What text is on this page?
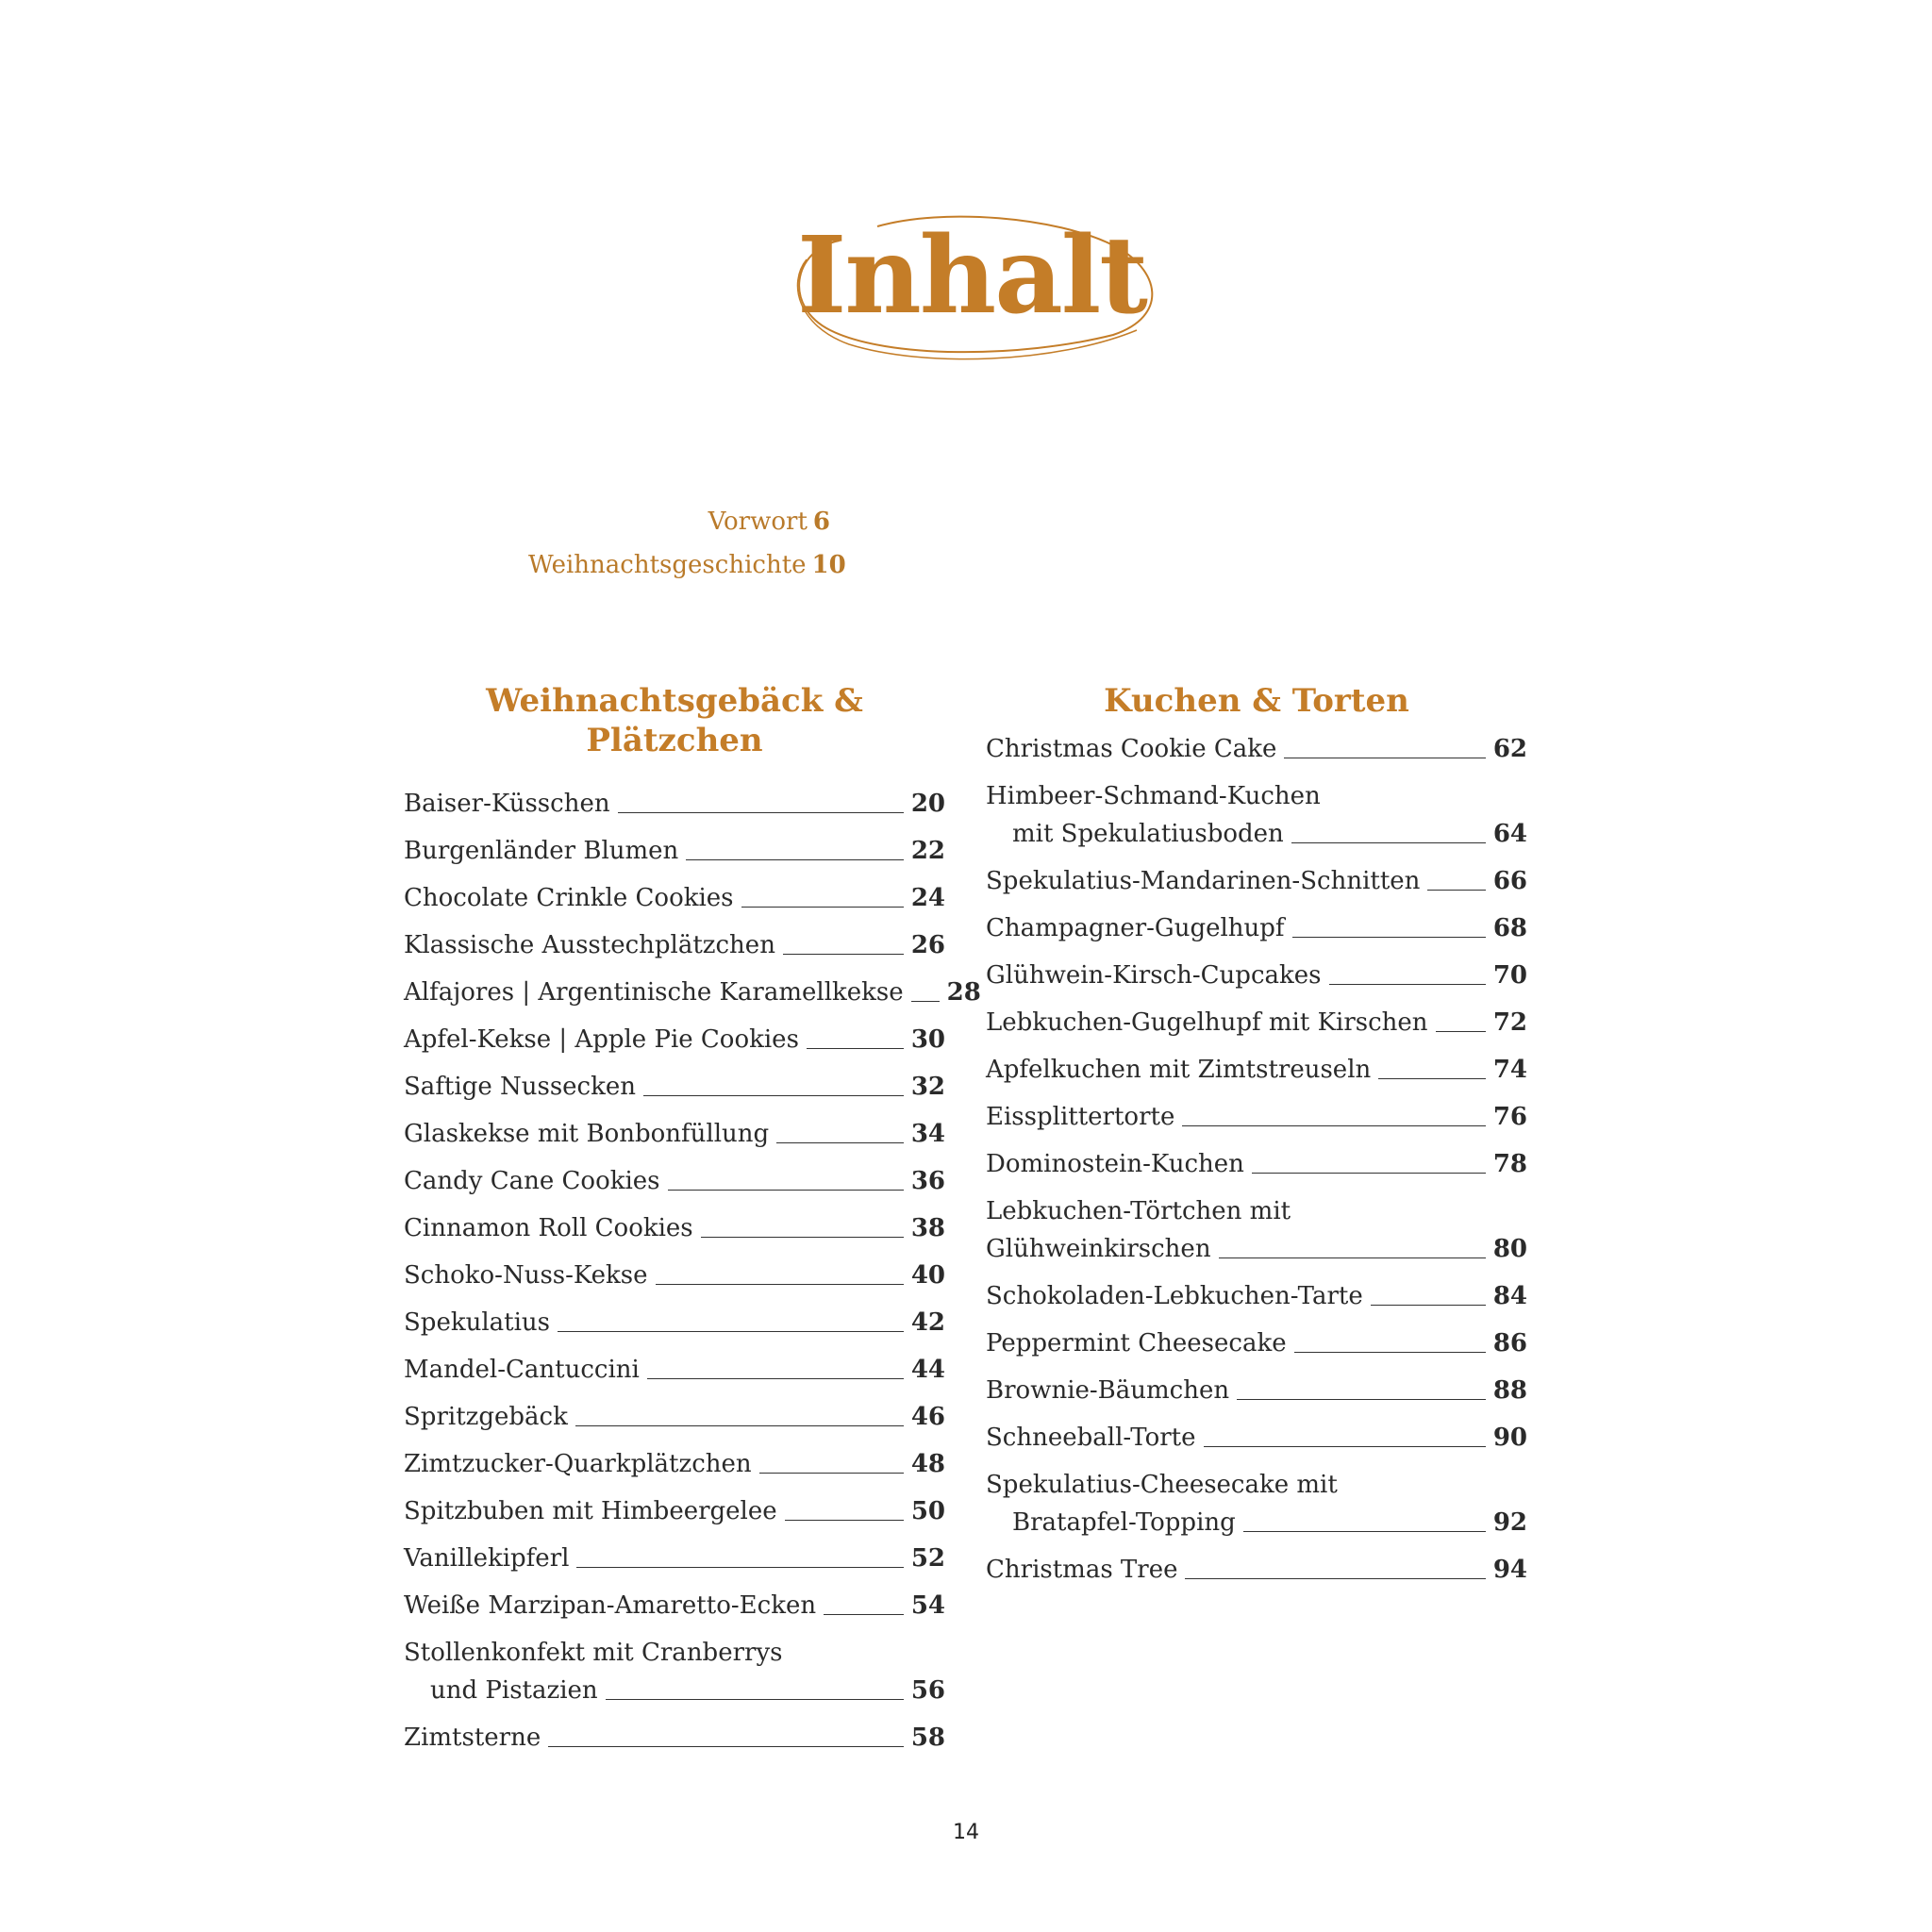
Inhalt
Vorwort 6
Weihnachtsgeschichte 10
Weihnachtsgebäck &
Plätzchen
Baiser-Küsschen	20
Burgenländer Blumen	22
Chocolate Crinkle Cookies	24
Klassische Ausstechplätzchen	26
Alfajores | Argentinische Karamellkekse 28
Apfel-Kekse | Apple Pie Cookies	30
Saftige Nussecken	32
Glaskekse mit Bonbonfüllung	34
Candy Cane Cookies	36
Cinnamon Roll Cookies	38
Schoko-Nuss-Kekse	40
Spekulatius	42
Mandel-Cantuccini	44
Spritzgebäck	46
Zimtzucker-Quarkplätzchen	48
Spitzbuben mit Himbeergelee	50
Vanillekipferl	52
Weiße Marzipan-Amaretto-Ecken	54
Stollenkonfekt mit Cranberrys
und Pistazien	56
Zimtsterne	58
Kuchen & Torten
Christmas Cookie Cake	62
Himbeer-Schmand-Kuchen
mit Spekulatiusboden	64
Spekulatius-Mandarinen-Schnitten	66
Champagner-Gugelhupf	68
Glühwein-Kirsch-Cupcakes	70
Lebkuchen-Gugelhupf mit Kirschen	72
Apfelkuchen mit Zimtstreuseln	74
Eissplittertorte	76
Dominostein-Kuchen	78
Lebkuchen-Törtchen mit
Glühweinkirschen	80
Schokoladen-Lebkuchen-Tarte	84
Peppermint Cheesecake	86
Brownie-Bäumchen	88
Schneeball-Torte	90
Spekulatius-Cheesecake mit
Bratapfel-Topping	92
Christmas Tree	94
14
